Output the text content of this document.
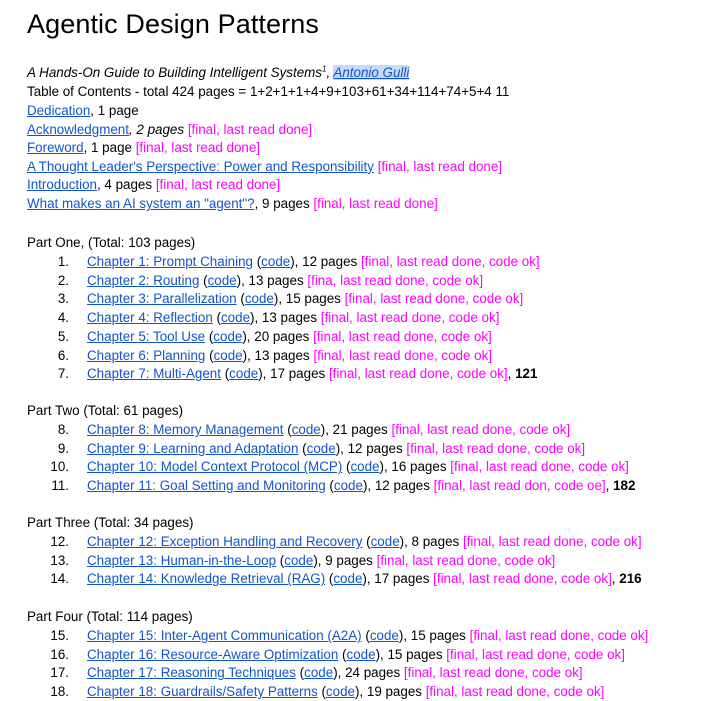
Agentic Design Patterns
A Hands-On Guide to Building Intelligent Systems$^1$, Antonio Gulli
Table of Contents - total 424 pages = 1+2+1+1+4+9+103+61+34+114+74+5+4 11
Dedication, 1 page
Acknowledgment, 2 pages [final, last read done]
Foreword, 1 page [final, last read done]
A Thought Leader's Perspective: Power and Responsibility [final, last read done]
Introduction, 4 pages [final, last read done]
What makes an AI system an "agent"?, 9 pages [final, last read done]
Part One, (Total: 103 pages)
1. Chapter 1: Prompt Chaining (code), 12 pages [final, last read done, code ok]
2. Chapter 2: Routing (code), 13 pages [fina, last read done, code ok]
3. Chapter 3: Parallelization (code), 15 pages [final, last read done, code ok]
4. Chapter 4: Reflection (code), 13 pages [final, last read done, code ok]
5. Chapter 5: Tool Use (code), 20 pages [final, last read done, code ok]
6. Chapter 6: Planning (code), 13 pages [final, last read done, code ok]
7. Chapter 7: Multi-Agent (code), 17 pages [final, last read done, code ok], 121
Part Two (Total: 61 pages)
8. Chapter 8: Memory Management (code), 21 pages [final, last read done, code ok]
9. Chapter 9: Learning and Adaptation (code), 12 pages [final, last read done, code ok]
10. Chapter 10: Model Context Protocol (MCP) (code), 16 pages [final, last read done, code ok]
11. Chapter 11: Goal Setting and Monitoring (code), 12 pages [final, last read don, code oe], 182
Part Three (Total: 34 pages)
12. Chapter 12: Exception Handling and Recovery (code), 8 pages [final, last read done, code ok]
13. Chapter 13: Human-in-the-Loop (code), 9 pages [final, last read done, code ok]
14. Chapter 14: Knowledge Retrieval (RAG) (code), 17 pages [final, last read done, code ok], 216
Part Four (Total: 114 pages)
15. Chapter 15: Inter-Agent Communication (A2A) (code), 15 pages [final, last read done, code ok]
16. Chapter 16: Resource-Aware Optimization (code), 15 pages [final, last read done, code ok]
17. Chapter 17: Reasoning Techniques (code), 24 pages [final, last read done, code ok]
18. Chapter 18: Guardrails/Safety Patterns (code), 19 pages [final, last read done, code ok]
